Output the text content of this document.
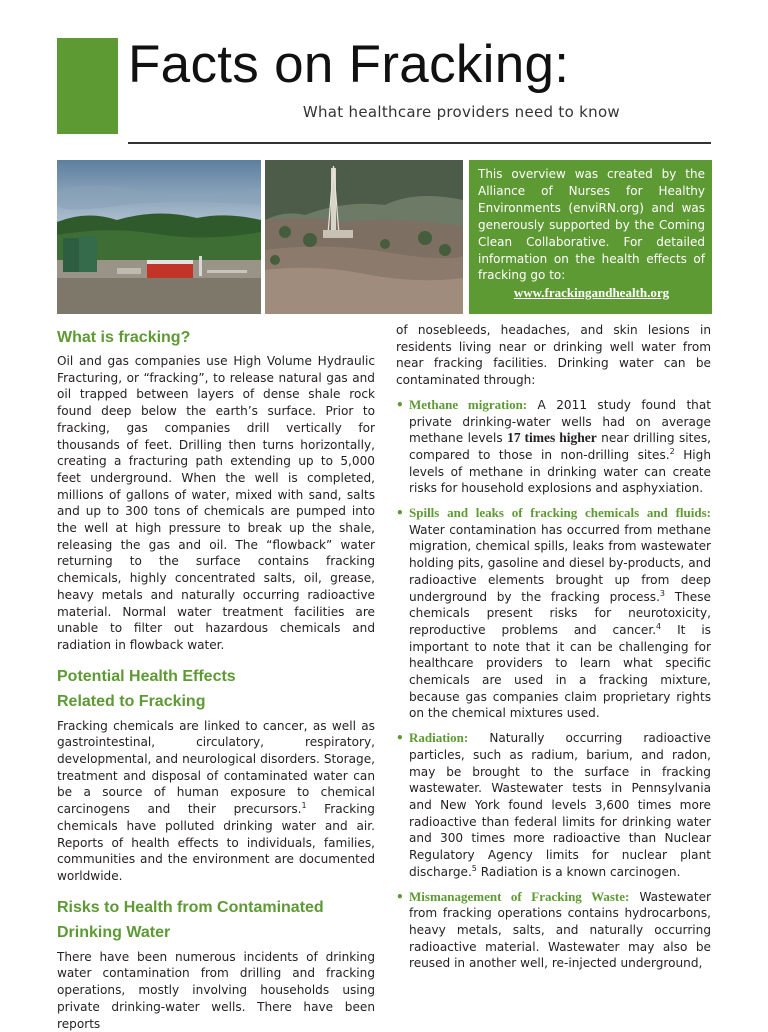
Facts on Fracking:
What healthcare providers need to know
This overview was created by the Alliance of Nurses for Healthy Environments (enviRN.org) and was generously supported by the Coming Clean Collaborative. For detailed information on the health effects of fracking go to:
www.frackingandhealth.org
What is fracking?

Oil and gas companies use High Volume Hydraulic Fracturing, or “fracking”, to release natural gas and oil trapped between layers of dense shale rock found deep below the earth’s surface. Prior to fracking, gas companies drill vertically for thousands of feet. Drilling then turns horizontally, creating a fracturing path extending up to 5,000 feet underground. When the well is completed, millions of gallons of water, mixed with sand, salts and up to 300 tons of chemicals are pumped into the well at high pressure to break up the shale, releasing the gas and oil. The “flowback” water returning to the surface contains fracking chemicals, highly concentrated salts, oil, grease, heavy metals and naturally occurring radioactive material. Normal water treatment facilities are unable to filter out hazardous chemicals and radiation in flowback water.

Potential Health Effects
Related to Fracking

Fracking chemicals are linked to cancer, as well as gastrointestinal, circulatory, respiratory, developmental, and neurological disorders. Storage, treatment and disposal of contaminated water can be a source of human exposure to chemical carcinogens and their precursors.$^1$ Fracking chemicals have polluted drinking water and air. Reports of health effects to individuals, families, communities and the environment are documented worldwide.

Risks to Health from Contaminated
Drinking Water

There have been numerous incidents of drinking water contamination from drilling and fracking operations, mostly involving households using private drinking-water wells. There have been reports

of nosebleeds, headaches, and skin lesions in residents living near or drinking well water from near fracking facilities. Drinking water can be contaminated through:

• Methane migration: A 2011 study found that private drinking-water wells had on average methane levels 17 times higher near drilling sites, compared to those in non-drilling sites.$^2$ High levels of methane in drinking water can create risks for household explosions and asphyxiation.
• Spills and leaks of fracking chemicals and fluids: Water contamination has occurred from methane migration, chemical spills, leaks from wastewater holding pits, gasoline and diesel by-products, and radioactive elements brought up from deep underground by the fracking process.$^3$ These chemicals present risks for neurotoxicity, reproductive problems and cancer.$^4$ It is important to note that it can be challenging for healthcare providers to learn what specific chemicals are used in a fracking mixture, because gas companies claim proprietary rights on the chemical mixtures used.
• Radiation: Naturally occurring radioactive particles, such as radium, barium, and radon, may be brought to the surface in fracking wastewater. Wastewater tests in Pennsylvania and New York found levels 3,600 times more radioactive than federal limits for drinking water and 300 times more radioactive than Nuclear Regulatory Agency limits for nuclear plant discharge.$^5$ Radiation is a known carcinogen.
• Mismanagement of Fracking Waste: Wastewater from fracking operations contains hydrocarbons, heavy metals, salts, and naturally occurring radioactive material. Wastewater may also be reused in another well, re-injected underground,
